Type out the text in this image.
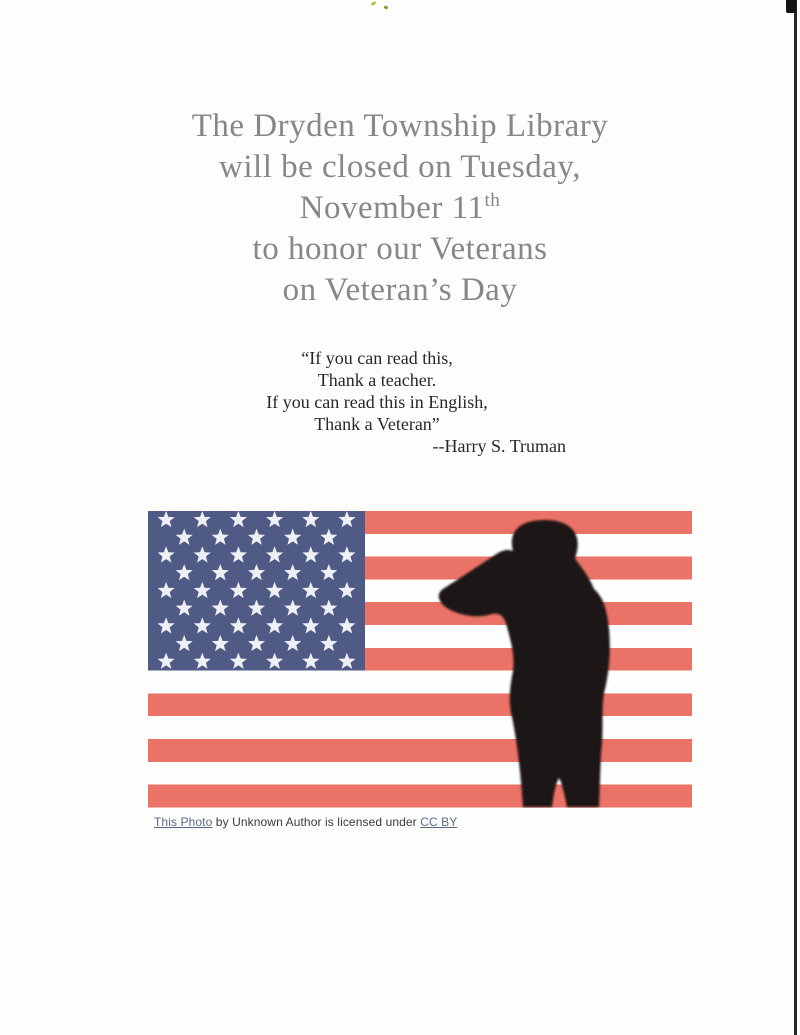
The Dryden Township Library
will be closed on Tuesday,
November 11th
to honor our Veterans
on Veteran’s Day
“If you can read this,
Thank a teacher.
If you can read this in English,
Thank a Veteran”
--Harry S. Truman
This Photo by Unknown Author is licensed under CC BY
